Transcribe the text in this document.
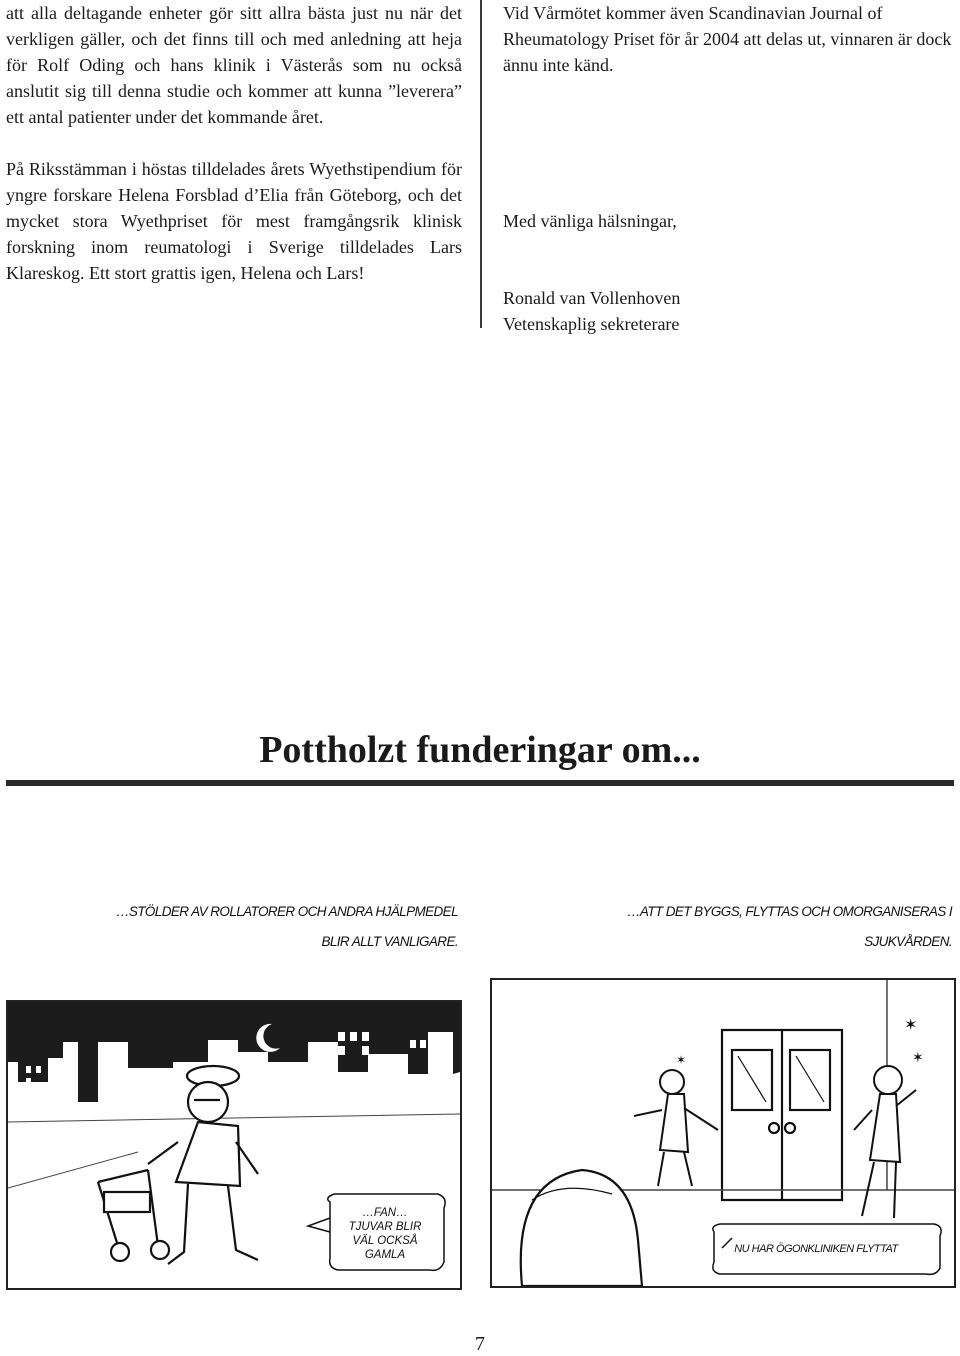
att alla deltagande enheter gör sitt allra bästa just nu när det verkligen gäller, och det finns till och med anledning att heja för Rolf Oding och hans klinik i Västerås som nu också anslutit sig till denna studie och kommer att kunna ”leverera” ett antal patienter under det kommande året.

På Riksstämman i höstas tilldelades årets Wyethstipendium för yngre forskare Helena Forsblad d’Elia från Göteborg, och det mycket stora Wyethpriset för mest framgångsrik klinisk forskning inom reumatologi i Sverige tilldelades Lars Klareskog. Ett stort grattis igen, Helena och Lars!

Vid Vårmötet kommer även Scandinavian Journal of Rheumatology Priset för år 2004 att delas ut, vinnaren är dock ännu inte känd.
Med vänliga hälsningar,
Ronald van Vollenhoven
Vetenskaplig sekreterare
Pottholzt funderingar om...
…STÖLDER AV ROLLATORER OCH ANDRA HJÄLPMEDEL
BLIR ALLT VANLIGARE.
…ATT DET BYGGS, FLYTTAS OCH OMORGANISERAS I
SJUKVÅRDEN.
…FAN…
TJUVAR BLIR
VÄL OCKSÅ
GAMLA
✶
✶
✶
NU HAR ÖGONKLINIKEN FLYTTAT
7
